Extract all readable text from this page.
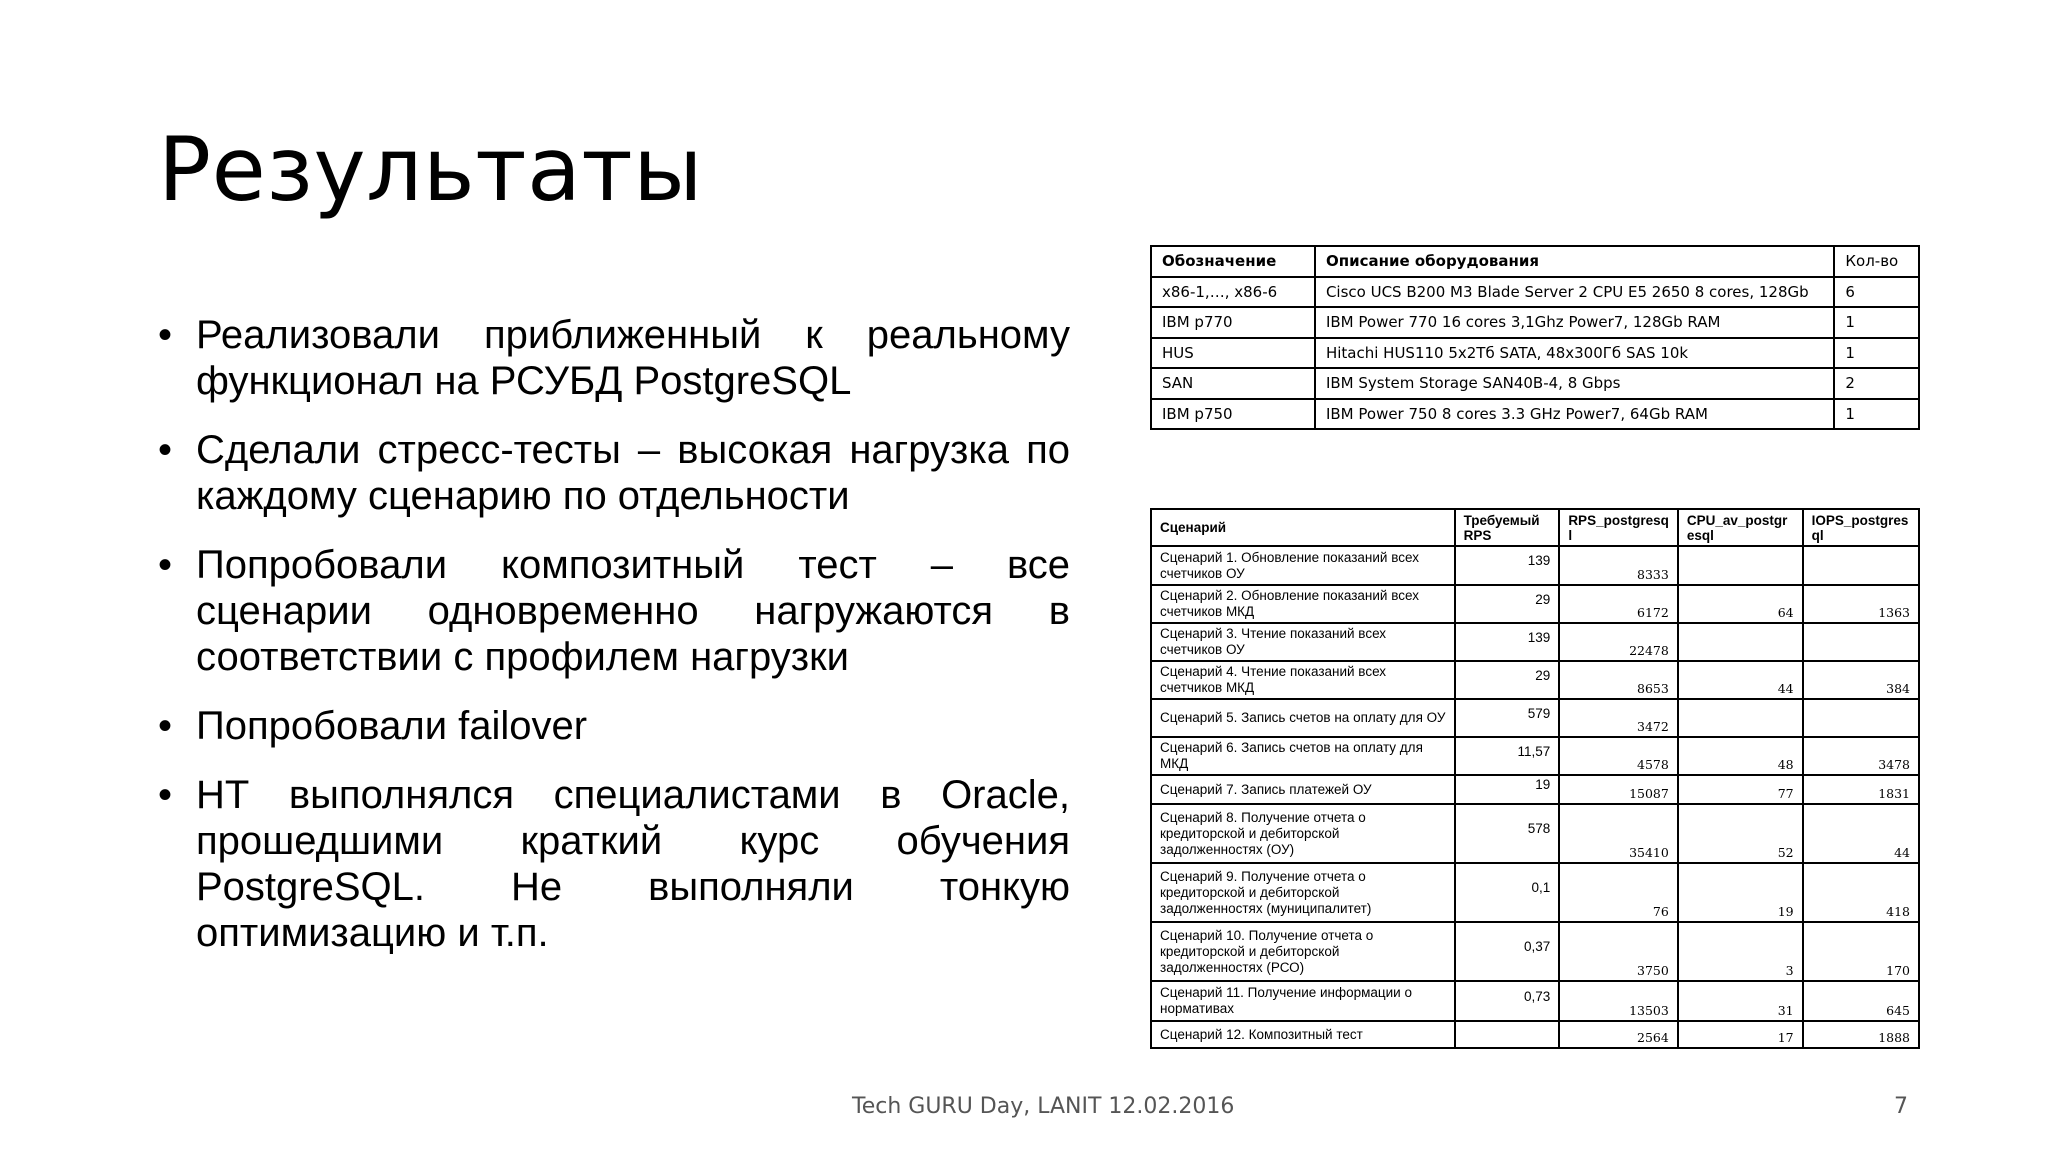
Результаты
• Реализовали приближенный к реальному функционал на РСУБД PostgreSQL
• Сделали стресс-тесты – высокая нагрузка по каждому сценарию по отдельности
• Попробовали композитный тест – все сценарии одновременно нагружаются в соответствии с профилем нагрузки
• Попробовали failover
• НТ выполнялся специалистами в Oracle, прошедшими краткий курс обучения PostgreSQL. Не выполняли тонкую оптимизацию и т.п.
Обозначение	Описание оборудования	Кол-во
x86-1,…, x86-6	Cisco UCS B200 M3 Blade Server 2 CPU E5 2650 8 cores, 128Gb	6
IBM p770	IBM Power 770 16 cores 3,1Ghz Power7, 128Gb RAM	1
HUS	Hitachi HUS110 5x2Тб SATA, 48x300Гб SAS 10k	1
SAN	IBM System Storage SAN40B-4, 8 Gbps	2
IBM p750	IBM Power 750 8 cores 3.3 GHz Power7, 64Gb RAM	1
Сценарий	Требуемый RPS	RPS_postgresql	CPU_av_postgresql	IOPS_postgresql
Сценарий 1. Обновление показаний всех счетчиков ОУ	139	8333		
Сценарий 2. Обновление показаний всех счетчиков МКД	29	6172	64	1363
Сценарий 3. Чтение показаний всех счетчиков ОУ	139	22478		
Сценарий 4. Чтение показаний всех счетчиков МКД	29	8653	44	384
Сценарий 5. Запись счетов на оплату для ОУ	579	3472		
Сценарий 6. Запись счетов на оплату для МКД	11,57	4578	48	3478
Сценарий 7. Запись платежей ОУ	19	15087	77	1831
Сценарий 8. Получение отчета о кредиторской и дебиторской задолженностях (ОУ)	578	35410	52	44
Сценарий 9. Получение отчета о кредиторской и дебиторской задолженностях (муниципалитет)	0,1	76	19	418
Сценарий 10. Получение отчета о кредиторской и дебиторской задолженностях (РСО)	0,37	3750	3	170
Сценарий 11. Получение информации о нормативах	0,73	13503	31	645
Сценарий 12. Композитный тест		2564	17	1888
Tech GURU Day, LANIT 12.02.2016	7
